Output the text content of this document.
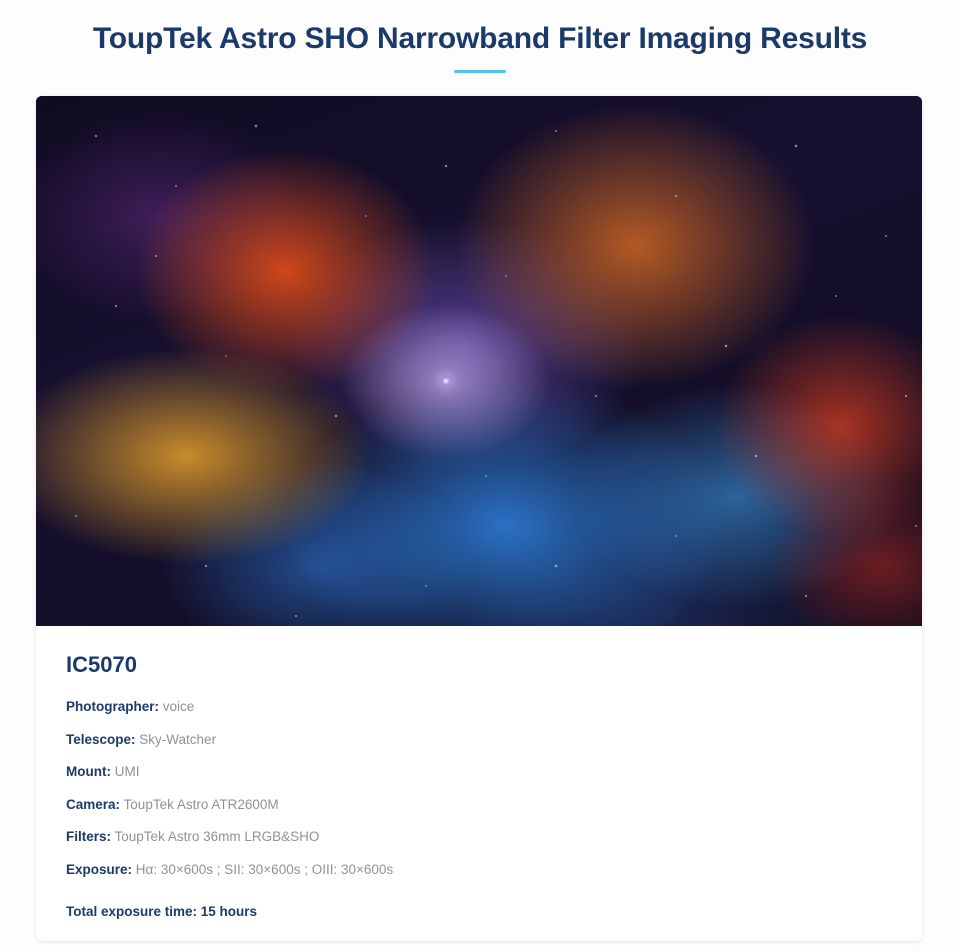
ToupTek Astro SHO Narrowband Filter Imaging Results
IC5070
Photographer: voice
Telescope: Sky-Watcher
Mount: UMI
Camera: ToupTek Astro ATR2600M
Filters: ToupTek Astro 36mm LRGB&SHO
Exposure: Hα: 30×600s ; SII: 30×600s ; OIII: 30×600s
Total exposure time: 15 hours
